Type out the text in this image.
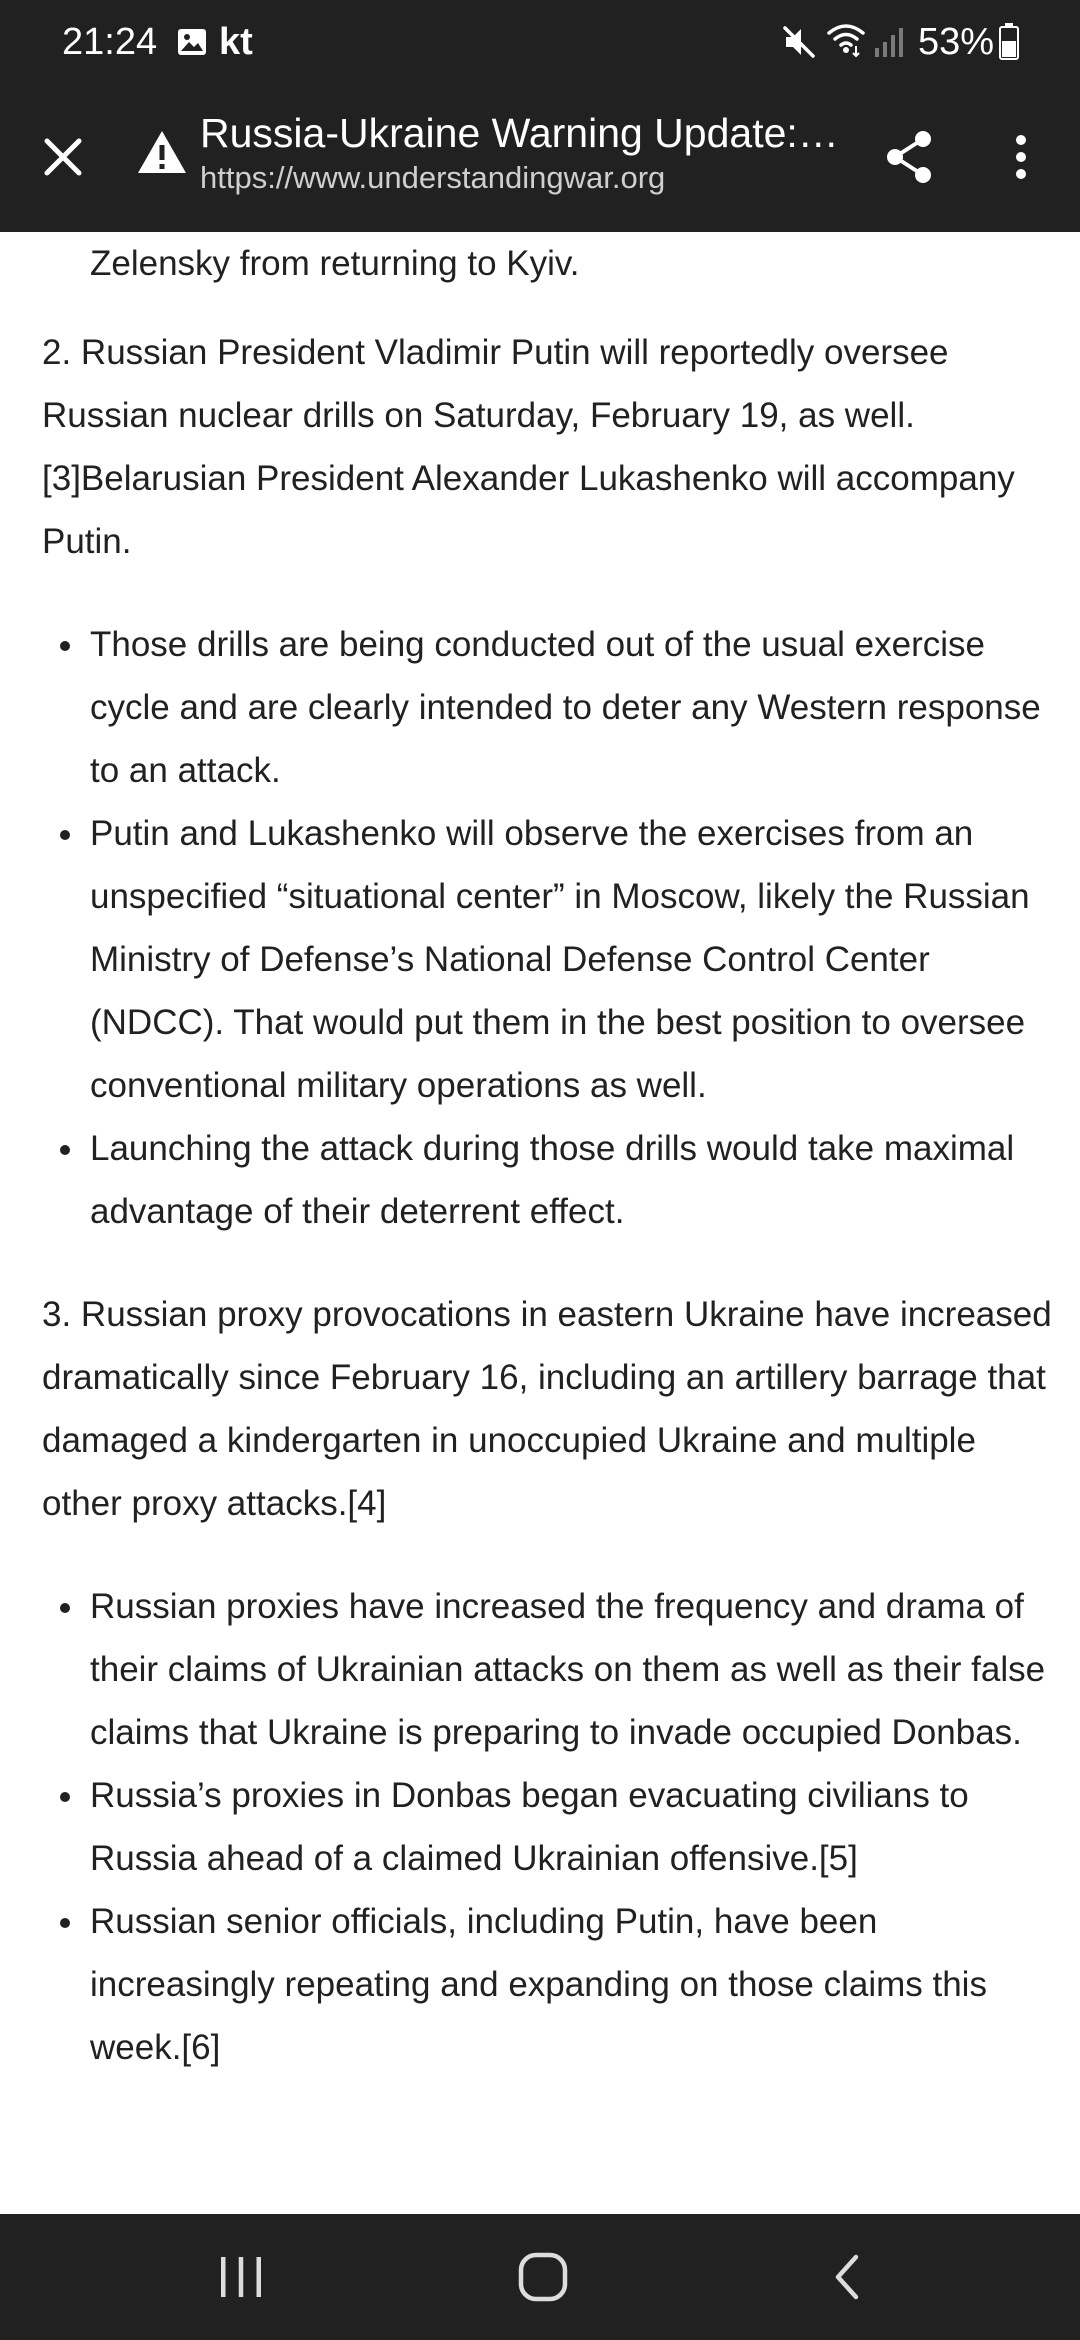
21:24 kt	53%
Russia-Ukraine Warning Update:…
https://www.understandingwar.org

Zelensky from returning to Kyiv.

2. Russian President Vladimir Putin will reportedly oversee Russian nuclear drills on Saturday, February 19, as well.[3]Belarusian President Alexander Lukashenko will accompany Putin.

Those drills are being conducted out of the usual exercise cycle and are clearly intended to deter any Western response to an attack.
Putin and Lukashenko will observe the exercises from an unspecified “situational center” in Moscow, likely the Russian Ministry of Defense’s National Defense Control Center (NDCC). That would put them in the best position to oversee conventional military operations as well.
Launching the attack during those drills would take maximal advantage of their deterrent effect.

3. Russian proxy provocations in eastern Ukraine have increased dramatically since February 16, including an artillery barrage that damaged a kindergarten in unoccupied Ukraine and multiple other proxy attacks.[4]

Russian proxies have increased the frequency and drama of their claims of Ukrainian attacks on them as well as their false claims that Ukraine is preparing to invade occupied Donbas.
Russia’s proxies in Donbas began evacuating civilians to Russia ahead of a claimed Ukrainian offensive.[5]
Russian senior officials, including Putin, have been increasingly repeating and expanding on those claims this week.[6]
